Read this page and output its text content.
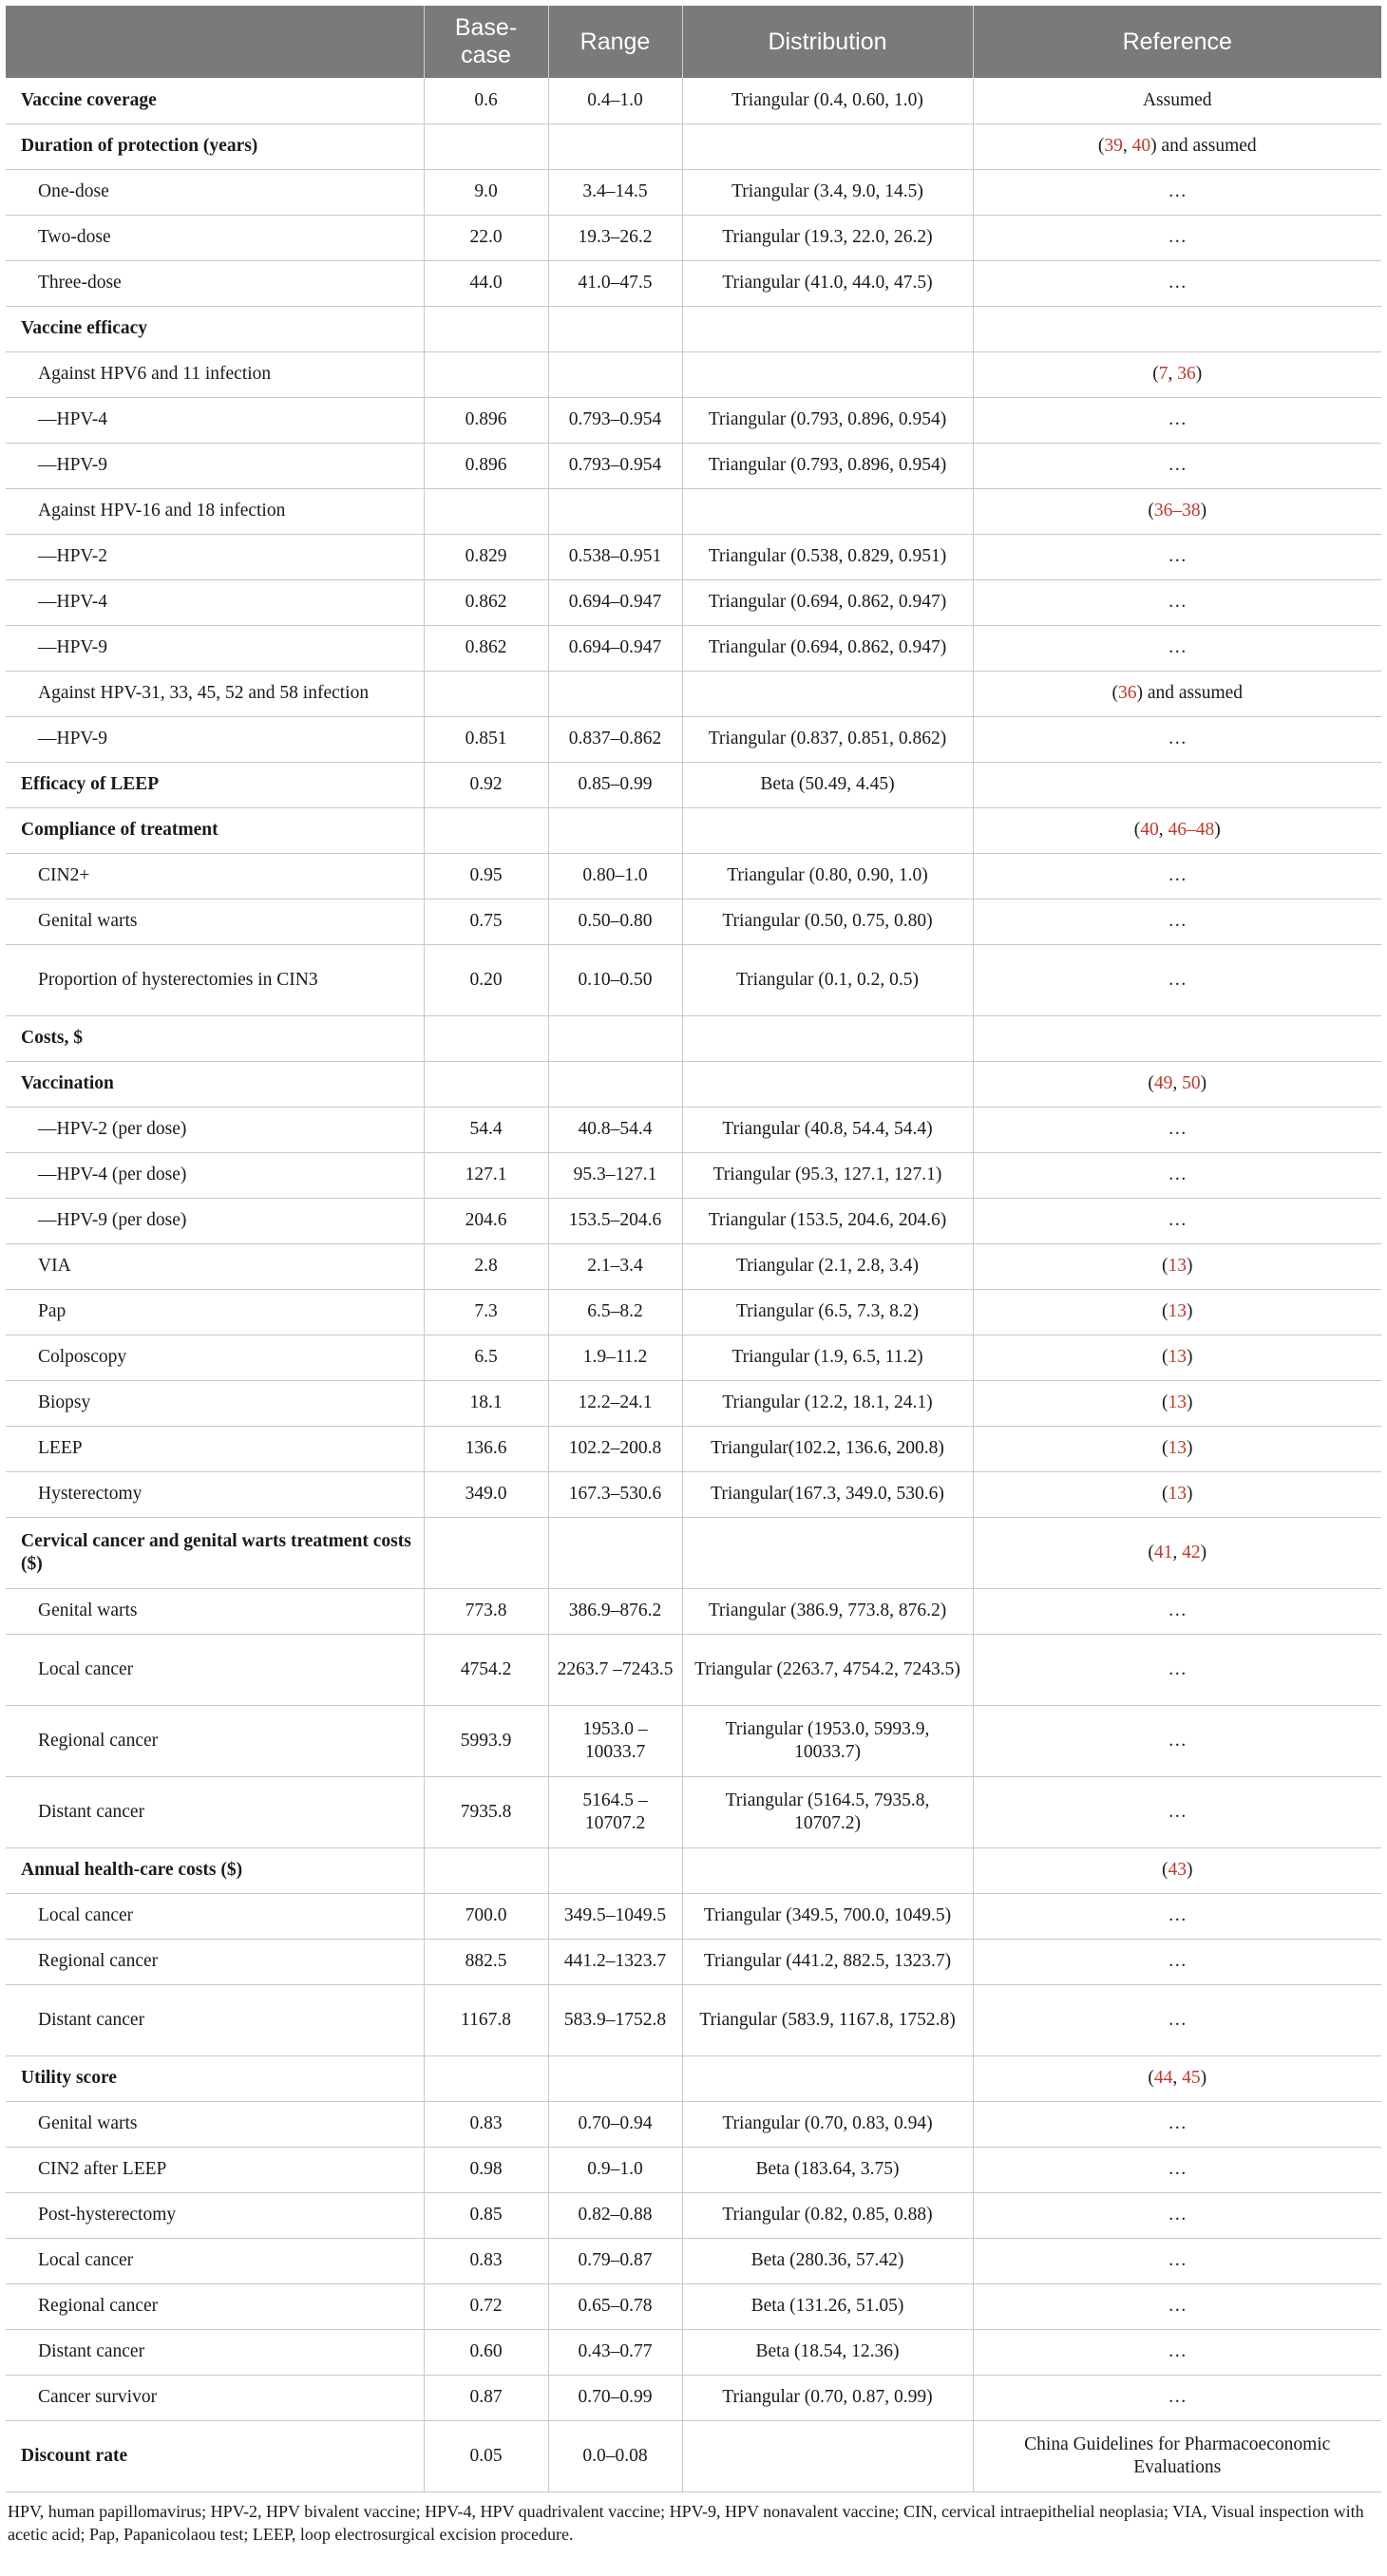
	Base-case	Range	Distribution	Reference
Vaccine coverage	0.6	0.4–1.0	Triangular (0.4, 0.60, 1.0)	Assumed
Duration of protection (years)				(39, 40) and assumed
One-dose	9.0	3.4–14.5	Triangular (3.4, 9.0, 14.5)	…
Two-dose	22.0	19.3–26.2	Triangular (19.3, 22.0, 26.2)	…
Three-dose	44.0	41.0–47.5	Triangular (41.0, 44.0, 47.5)	…
Vaccine efficacy				
Against HPV6 and 11 infection				(7, 36)
—HPV-4	0.896	0.793–0.954	Triangular (0.793, 0.896, 0.954)	…
—HPV-9	0.896	0.793–0.954	Triangular (0.793, 0.896, 0.954)	…
Against HPV-16 and 18 infection				(36–38)
—HPV-2	0.829	0.538–0.951	Triangular (0.538, 0.829, 0.951)	…
—HPV-4	0.862	0.694–0.947	Triangular (0.694, 0.862, 0.947)	…
—HPV-9	0.862	0.694–0.947	Triangular (0.694, 0.862, 0.947)	…
Against HPV-31, 33, 45, 52 and 58 infection				(36) and assumed
—HPV-9	0.851	0.837–0.862	Triangular (0.837, 0.851, 0.862)	…
Efficacy of LEEP	0.92	0.85–0.99	Beta (50.49, 4.45)	
Compliance of treatment				(40, 46–48)
CIN2+	0.95	0.80–1.0	Triangular (0.80, 0.90, 1.0)	…
Genital warts	0.75	0.50–0.80	Triangular (0.50, 0.75, 0.80)	…
Proportion of hysterectomies in CIN3	0.20	0.10–0.50	Triangular (0.1, 0.2, 0.5)	…
Costs, $				
Vaccination				(49, 50)
—HPV-2 (per dose)	54.4	40.8–54.4	Triangular (40.8, 54.4, 54.4)	…
—HPV-4 (per dose)	127.1	95.3–127.1	Triangular (95.3, 127.1, 127.1)	…
—HPV-9 (per dose)	204.6	153.5–204.6	Triangular (153.5, 204.6, 204.6)	…
VIA	2.8	2.1–3.4	Triangular (2.1, 2.8, 3.4)	(13)
Pap	7.3	6.5–8.2	Triangular (6.5, 7.3, 8.2)	(13)
Colposcopy	6.5	1.9–11.2	Triangular (1.9, 6.5, 11.2)	(13)
Biopsy	18.1	12.2–24.1	Triangular (12.2, 18.1, 24.1)	(13)
LEEP	136.6	102.2–200.8	Triangular(102.2, 136.6, 200.8)	(13)
Hysterectomy	349.0	167.3–530.6	Triangular(167.3, 349.0, 530.6)	(13)
Cervical cancer and genital warts treatment costs ($)				(41, 42)
Genital warts	773.8	386.9–876.2	Triangular (386.9, 773.8, 876.2)	…
Local cancer	4754.2	2263.7 –7243.5	Triangular (2263.7, 4754.2, 7243.5)	…
Regional cancer	5993.9	1953.0 –10033.7	Triangular (1953.0, 5993.9, 10033.7)	…
Distant cancer	7935.8	5164.5 –10707.2	Triangular (5164.5, 7935.8, 10707.2)	…
Annual health-care costs ($)				(43)
Local cancer	700.0	349.5–1049.5	Triangular (349.5, 700.0, 1049.5)	…
Regional cancer	882.5	441.2–1323.7	Triangular (441.2, 882.5, 1323.7)	…
Distant cancer	1167.8	583.9–1752.8	Triangular (583.9, 1167.8, 1752.8)	…
Utility score				(44, 45)
Genital warts	0.83	0.70–0.94	Triangular (0.70, 0.83, 0.94)	…
CIN2 after LEEP	0.98	0.9–1.0	Beta (183.64, 3.75)	…
Post-hysterectomy	0.85	0.82–0.88	Triangular (0.82, 0.85, 0.88)	…
Local cancer	0.83	0.79–0.87	Beta (280.36, 57.42)	…
Regional cancer	0.72	0.65–0.78	Beta (131.26, 51.05)	…
Distant cancer	0.60	0.43–0.77	Beta (18.54, 12.36)	…
Cancer survivor	0.87	0.70–0.99	Triangular (0.70, 0.87, 0.99)	…
Discount rate	0.05	0.0–0.08		China Guidelines for Pharmacoeconomic Evaluations
HPV, human papillomavirus; HPV-2, HPV bivalent vaccine; HPV-4, HPV quadrivalent vaccine; HPV-9, HPV nonavalent vaccine; CIN, cervical intraepithelial neoplasia; VIA, Visual inspection with acetic acid; Pap, Papanicolaou test; LEEP, loop electrosurgical excision procedure.
